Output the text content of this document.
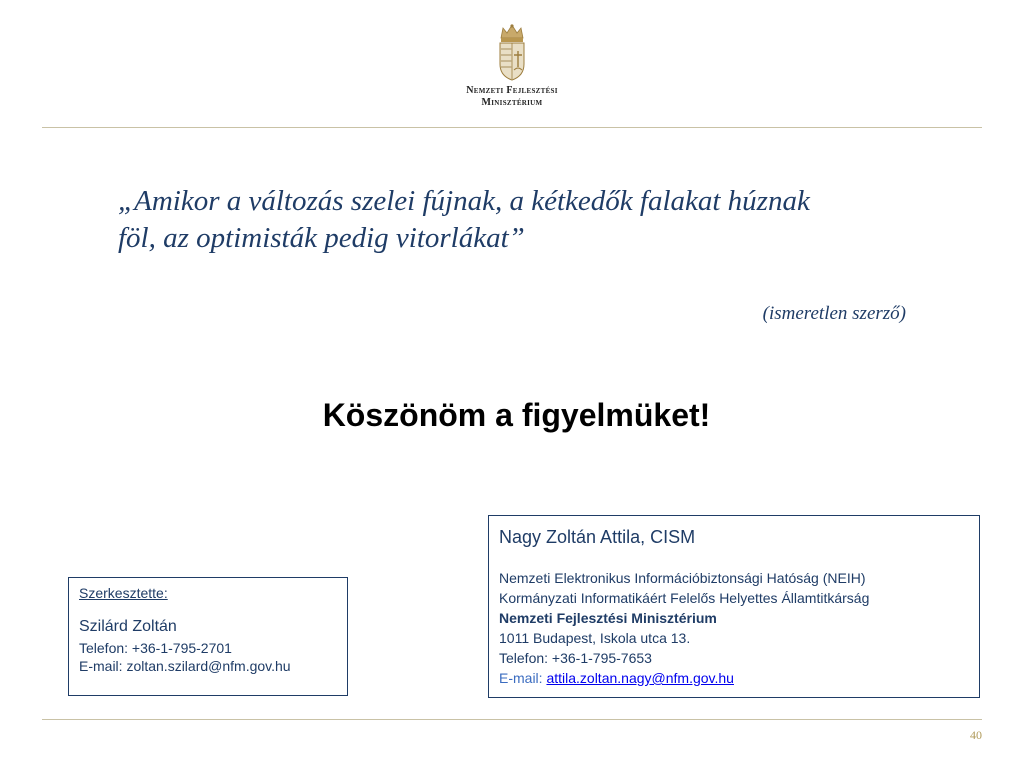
Nemzeti Fejlesztési
Minisztérium

„Amikor a változás szelei fújnak, a kétkedők falakat húznak föl, az optimisták pedig vitorlákat”

(ismeretlen szerző)
Köszönöm a figyelmüket!
Szerkesztette:
Szilárd Zoltán
Telefon: +36-1-795-2701
E-mail: zoltan.szilard@nfm.gov.hu
Nagy Zoltán Attila, CISM
Nemzeti Elektronikus Információbiztonsági Hatóság (NEIH)
Kormányzati Informatikáért Felelős Helyettes Államtitkárság
Nemzeti Fejlesztési Minisztérium
1011 Budapest, Iskola utca 13.
Telefon: +36-1-795-7653
E-mail: attila.zoltan.nagy@nfm.gov.hu
40
